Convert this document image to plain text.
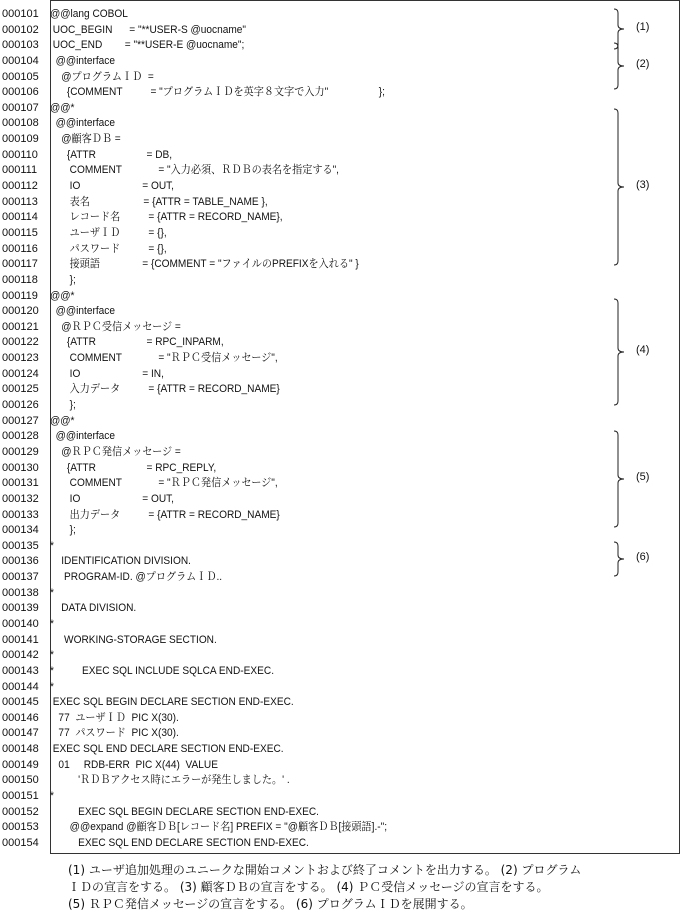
000101
000102
000103
000104
000105
000106
000107
000108
000109
000110
000111
000112
000113
000114
000115
000116
000117
000118
000119
000120
000121
000122
000123
000124
000125
000126
000127
000128
000129
000130
000131
000132
000133
000134
000135
000136
000137
000138
000139
000140
000141
000142
000143
000144
000145
000146
000147
000148
000149
000150
000151
000152
000153
000154
@@lang COBOL
UOC_BEGIN      = "**USER-S @uocname"
UOC_END        = "**USER-E @uocname";
@@interface
@プログラムＩＤ  =
{COMMENT          = "プログラムＩＤを英字８文字で入力"                  };
@@*
@@interface
@顧客ＤＢ =
{ATTR                  = DB,
COMMENT             = "入力必須、ＲＤＢの表名を指定する",
IO                      = OUT,
表名                   = {ATTR = TABLE_NAME },
レコード名          = {ATTR = RECORD_NAME},
ユーザＩＤ          = {},
パスワード          = {},
接頭語               = {COMMENT = "ファイルのPREFIXを入れる" }
};
@@*
@@interface
@ＲＰＣ受信メッセージ =
{ATTR                  = RPC_INPARM,
COMMENT             = "ＲＰＣ受信メッセージ",
IO                      = IN,
入力データ          = {ATTR = RECORD_NAME}
};
@@*
@@interface
@ＲＰＣ発信メッセージ =
{ATTR                  = RPC_REPLY,
COMMENT             = "ＲＰＣ発信メッセージ",
IO                      = OUT,
出力データ          = {ATTR = RECORD_NAME}
};
*
IDENTIFICATION DIVISION.
PROGRAM-ID. @プログラムＩＤ..
*
DATA DIVISION.
*
WORKING-STORAGE SECTION.
*
*          EXEC SQL INCLUDE SQLCA END-EXEC.
*
EXEC SQL BEGIN DECLARE SECTION END-EXEC.
77  ユーザＩＤ  PIC X(30).
77  パスワード  PIC X(30).
EXEC SQL END DECLARE SECTION END-EXEC.
01     RDB-ERR  PIC X(44)  VALUE
'ＲＤＢアクセス時にエラーが発生しました。' .
*
EXEC SQL BEGIN DECLARE SECTION END-EXEC.
@@expand @顧客ＤＢ[レコード名] PREFIX = "@顧客ＤＢ[接頭語].-";
EXEC SQL END DECLARE SECTION END-EXEC.
(1)
(2)
(3)
(4)
(5)
(6)
(1) ユーザ追加処理のユニークな開始コメントおよび終了コメントを出力する。 (2) プログラム
ＩＤの宣言をする。 (3) 顧客ＤＢの宣言をする。 (4) ＰＣ受信メッセージの宣言をする。
(5) ＲＰＣ発信メッセージの宣言をする。 (6) プログラムＩＤを展開する。
